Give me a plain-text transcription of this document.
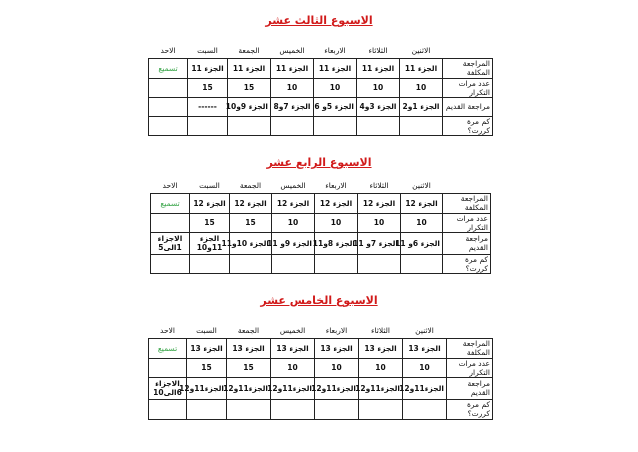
الاسبوع الثالث عشر
	الاثنين	الثلاثاء	الاربعاء	الخميس	الجمعة	السبت	الاحد
المراجعة المكلفة	الجزء 11	الجزء 11	الجزء 11	الجزء 11	الجزء 11	الجزء 11	تسميع
عدد مرات التكرار	10	10	10	10	15	15	
مراجعة القديم	الجزء 1و2	الجزء 3و4	الجزء 5و 6	الجزء 7و8	الجزء 9و10	------	
كم مرة كررت؟							
الاسبوع الرابع عشر
	الاثنين	الثلاثاء	الاربعاء	الخميس	الجمعة	السبت	الاحد
المراجعة المكلفة	الجزء 12	الجزء 12	الجزء 12	الجزء 12	الجزء 12	الجزء 12	تسميع
عدد مرات التكرار	10	10	10	10	15	15	
مراجعة القديم	الجزء 6و 11	الجزء 7و 11	الجزء 8و11	الجزء 9و 11	الجزء 10و11	الجزء 11و10	الاجزاء 1الى5
كم مرة كررت؟							
الاسبوع الخامس عشر
	الاثنين	الثلاثاء	الاربعاء	الخميس	الجمعة	السبت	الاحد
المراجعة المكلفة	الجزء 13	الجزء 13	الجزء 13	الجزء 13	الجزء 13	الجزء 13	تسميع
عدد مرات التكرار	10	10	10	10	15	15	
مراجعة القديم	الجزء11و12	الجزء11و12	الجزء11و12	الجزء11و12	الجزء11و12	الجزء11و12	الاجزاء 6الى10
كم مرة كررت؟							
